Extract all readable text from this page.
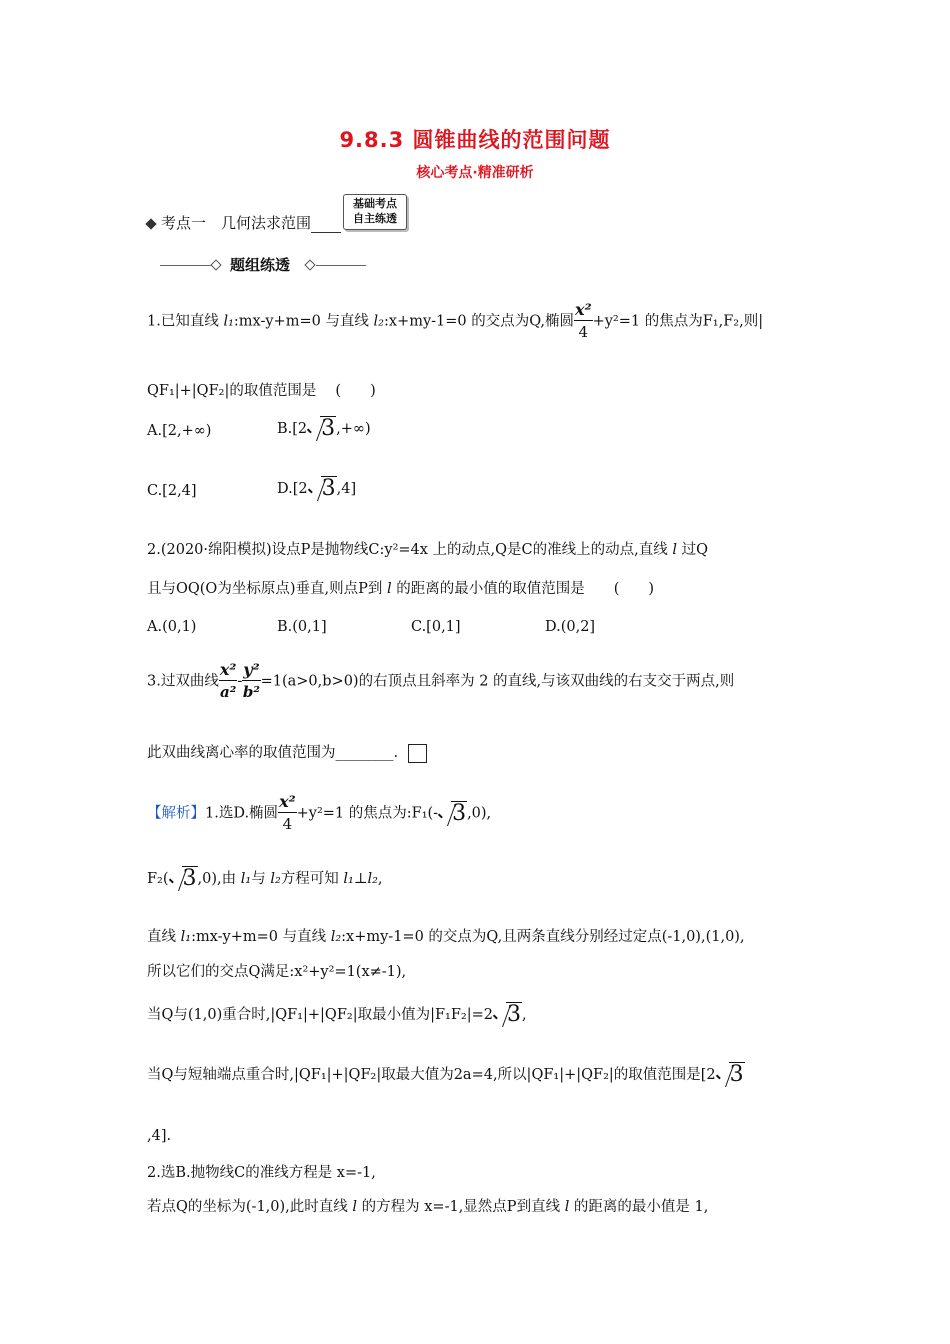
9.8.3 圆锥曲线的范围问题
核心考点·精准研析
考点一　几何法求范围
基础考点
自主练透
题组练透
1.已知直线 l₁:mx-y+m=0 与直线 l₂:x+my-1=0 的交点为Q,椭圆 $\frac{\text{x²}}{4} +y^2=1$ 的焦点为F₁,F₂,则|
QF₁|+|QF₂|的取值范围是　 (　　)
A.[2,+∞)	B.[2 3,+∞)
C.[2,4]	D.[2 3,4]
2.(2020·绵阳模拟)设点P是抛物线C:y²=4x 上的动点,Q是C的准线上的动点,直线 l 过Q
且与OQ(O为坐标原点)垂直,则点P到 l 的距离的最小值的取值范围是　　(　　)
A.(0,1)	B.(0,1]	C.[0,1]	D.(0,2]
3.过双曲线 $\frac{\text{x²}}{\text{a²}} - \frac{\text{y²}}{\text{b²}} =1(a>0,b>0)$的右顶点且斜率为 2 的直线,与该双曲线的右支交于两点,则
此双曲线离心率的取值范围为________.
【解析】1.选D.椭圆 $\frac{\text{x²}}{4} +y^2=1$ 的焦点为:F₁(- 3,0),
F₂( 3,0),由 l₁与 l₂方程可知 l₁⊥l₂,
直线 l₁:mx-y+m=0 与直线 l₂:x+my-1=0 的交点为Q,且两条直线分别经过定点(-1,0),(1,0),
所以它们的交点Q满足:x²+y²=1(x≠-1),
当Q与(1,0)重合时,|QF₁|+|QF₂|取最小值为|F₁F₂|=2 3,
当Q与短轴端点重合时,|QF₁|+|QF₂|取最大值为2a=4,所以|QF₁|+|QF₂|的取值范围是[2 3
,4].
2.选B.抛物线C的准线方程是 x=-1,
若点Q的坐标为(-1,0),此时直线 l 的方程为 x=-1,显然点P到直线 l 的距离的最小值是 1,
